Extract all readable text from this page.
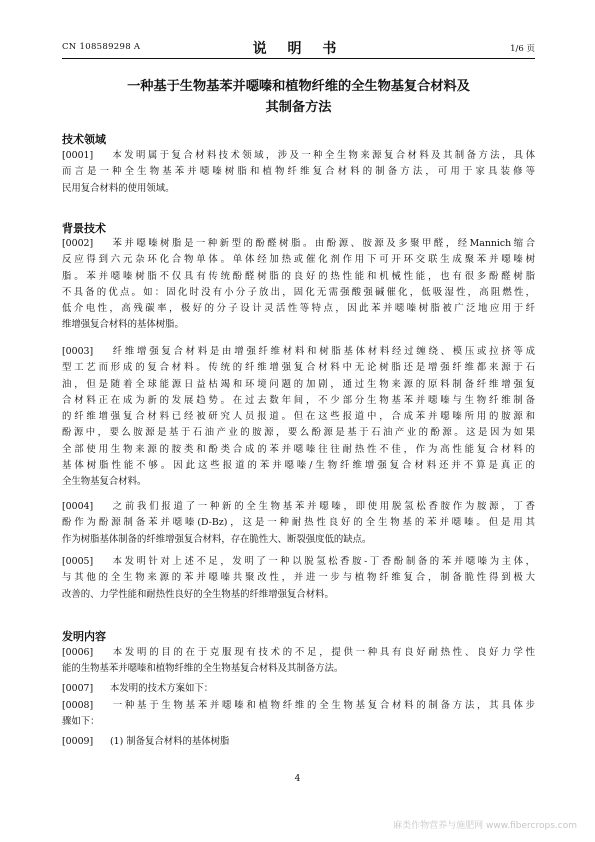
CN 108589298 A	说 明 书	1/6 页
一种基于生物基苯并噁嗪和植物纤维的全生物基复合材料及
其制备方法
技术领域
[0001] 本发明属于复合材料技术领域，涉及一种全生物来源复合材料及其制备方法，具体
而言是一种全生物基苯并噁嗪树脂和植物纤维复合材料的制备方法，可用于家具装修等
民用复合材料的使用领域。
背景技术
[0002] 苯并噁嗪树脂是一种新型的酚醛树脂。由酚源、胺源及多聚甲醛，经Mannich缩合
反应得到六元杂环化合物单体。单体经加热或催化剂作用下可开环交联生成聚苯并噁嗪树
脂。苯并噁嗪树脂不仅具有传统酚醛树脂的良好的热性能和机械性能，也有很多酚醛树脂
不具备的优点。如：固化时没有小分子放出，固化无需强酸强碱催化，低吸湿性，高阻燃性，
低介电性，高残碳率，极好的分子设计灵活性等特点，因此苯并噁嗪树脂被广泛地应用于纤
维增强复合材料的基体树脂。
[0003] 纤维增强复合材料是由增强纤维材料和树脂基体材料经过缠绕、模压或拉挤等成
型工艺而形成的复合材料。传统的纤维增强复合材料中无论树脂还是增强纤维都来源于石
油，但是随着全球能源日益枯竭和环境问题的加剧，通过生物来源的原料制备纤维增强复
合材料正在成为新的发展趋势。在过去数年间，不少部分生物基苯并噁嗪与生物纤维制备
的纤维增强复合材料已经被研究人员报道。但在这些报道中，合成苯并噁嗪所用的胺源和
酚源中，要么胺源是基于石油产业的胺源，要么酚源是基于石油产业的酚源。这是因为如果
全部使用生物来源的胺类和酚类合成的苯并噁嗪往往耐热性不佳，作为高性能复合材料的
基体树脂性能不够。因此这些报道的苯并噁嗪/生物纤维增强复合材料还并不算是真正的
全生物基复合材料。
[0004] 之前我们报道了一种新的全生物基苯并噁嗪，即使用脱氢松香胺作为胺源，丁香
酚作为酚源制备苯并噁嗪(D-Bz)，这是一种耐热性良好的全生物基的苯并噁嗪。但是用其
作为树脂基体制备的纤维增强复合材料，存在脆性大、断裂强度低的缺点。
[0005] 本发明针对上述不足，发明了一种以脱氢松香胺-丁香酚制备的苯并噁嗪为主体，
与其他的全生物来源的苯并噁嗪共聚改性，并进一步与植物纤维复合，制备脆性得到极大
改善的、力学性能和耐热性良好的全生物基的纤维增强复合材料。
发明内容
[0006] 本发明的目的在于克服现有技术的不足，提供一种具有良好耐热性、良好力学性
能的生物基苯并噁嗪和植物纤维的全生物基复合材料及其制备方法。
[0007] 本发明的技术方案如下：
[0008] 一种基于生物基苯并噁嗪和植物纤维的全生物基复合材料的制备方法，其具体步
骤如下：
[0009] (1) 制备复合材料的基体树脂
4
麻类作物营养与施肥网 www.fibercrops.com
